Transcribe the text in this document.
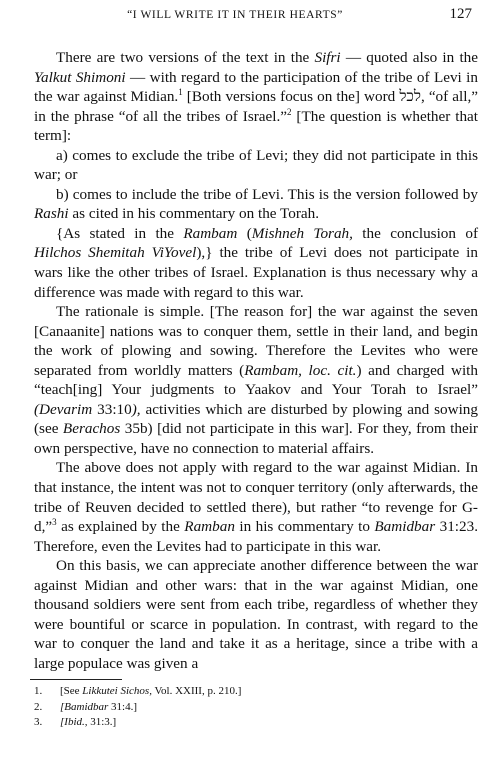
“I WILL WRITE IT IN THEIR HEARTS”	127

There are two versions of the text in the Sifri — quoted also in the Yalkut Shimoni — with regard to the participation of the tribe of Levi in the war against Midian.$^1$ [Both versions focus on the] word לכל, “of all,” in the phrase “of all the tribes of Israel.”$^2$ [The question is whether that term]:

a) comes to exclude the tribe of Levi; they did not participate in this war; or

b) comes to include the tribe of Levi. This is the version followed by Rashi as cited in his commentary on the Torah.

{As stated in the Rambam (Mishneh Torah, the conclusion of Hilchos Shemitah ViYovel),} the tribe of Levi does not participate in wars like the other tribes of Israel. Explanation is thus necessary why a difference was made with regard to this war.

The rationale is simple. [The reason for] the war against the seven [Canaanite] nations was to conquer them, settle in their land, and begin the work of plowing and sowing. Therefore the Levites who were separated from worldly matters (Rambam, loc. cit.) and charged with “teach[ing] Your judgments to Yaakov and Your Torah to Israel” (Devarim 33:10), activities which are disturbed by plowing and sowing (see Berachos 35b) [did not participate in this war]. For they, from their own perspective, have no connection to material affairs.

The above does not apply with regard to the war against Midian. In that instance, the intent was not to conquer territory (only afterwards, the tribe of Reuven decided to settled there), but rather “to revenge for G-d,”$^3$ as explained by the Ramban in his commentary to Bamidbar 31:23. Therefore, even the Levites had to participate in this war.

On this basis, we can appreciate another difference between the war against Midian and other wars: that in the war against Midian, one thousand soldiers were sent from each tribe, regardless of whether they were bountiful or scarce in population. In contrast, with regard to the war to conquer the land and take it as a heritage, since a tribe with a large populace was given a

1.	[See Likkutei Sichos, Vol. XXIII, p. 210.]
2.	[Bamidbar 31:4.]
3.	[Ibid., 31:3.]
